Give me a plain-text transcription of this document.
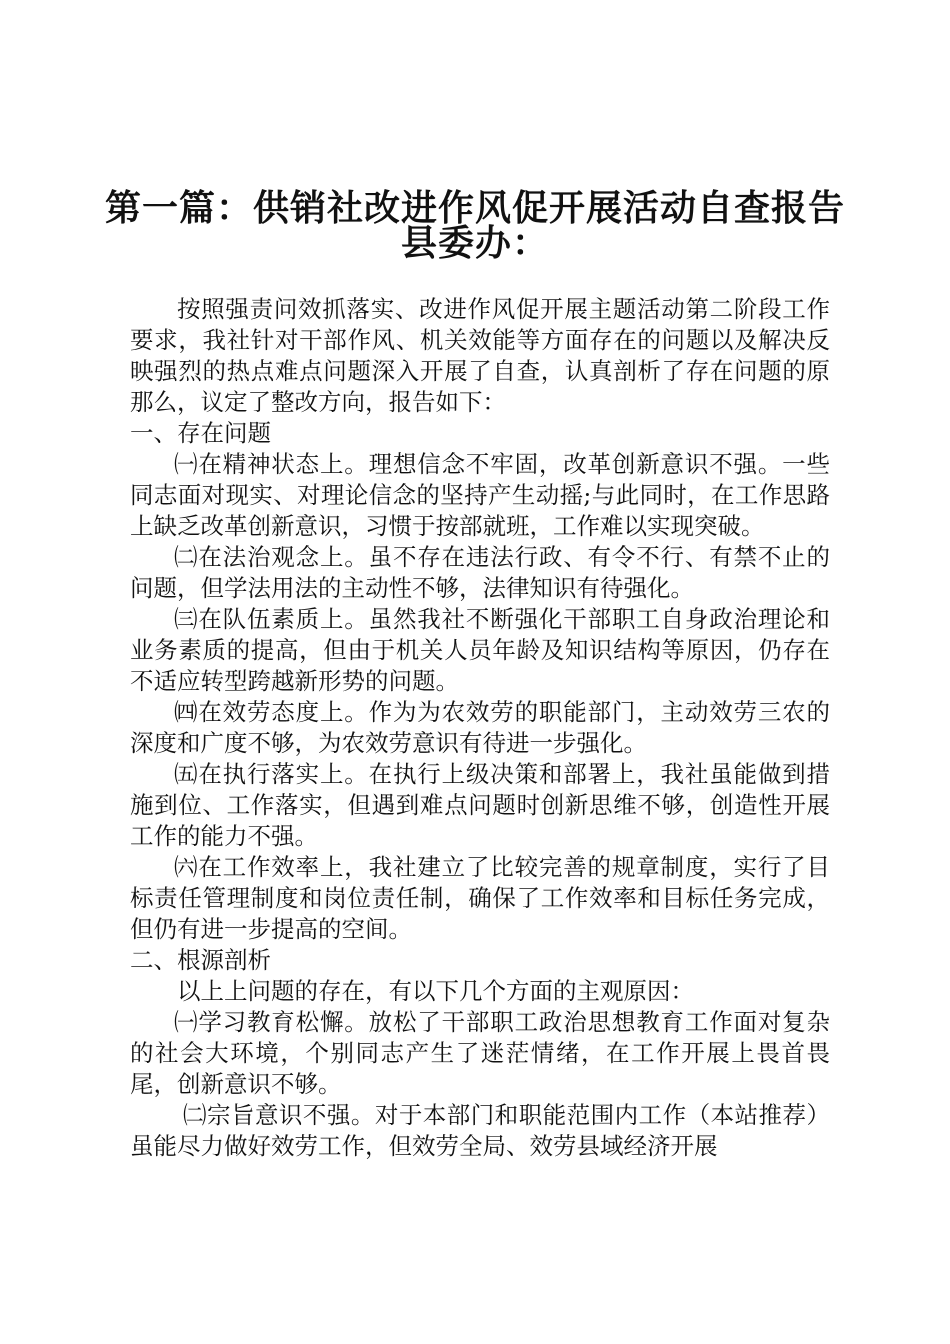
第一篇：供销社改进作风促开展活动自查报告
县委办：

按照强责问效抓落实、改进作风促开展主题活动第二阶段工作要求，我社针对干部作风、机关效能等方面存在的问题以及解决反映强烈的热点难点问题深入开展了自查，认真剖析了存在问题的原那么，议定了整改方向，报告如下：

一、存在问题

㈠在精神状态上。理想信念不牢固，改革创新意识不强。一些同志面对现实、对理论信念的坚持产生动摇;与此同时，在工作思路上缺乏改革创新意识，习惯于按部就班，工作难以实现突破。

㈡在法治观念上。虽不存在违法行政、有令不行、有禁不止的问题，但学法用法的主动性不够，法律知识有待强化。

㈢在队伍素质上。虽然我社不断强化干部职工自身政治理论和业务素质的提高，但由于机关人员年龄及知识结构等原因，仍存在不适应转型跨越新形势的问题。

㈣在效劳态度上。作为为农效劳的职能部门，主动效劳三农的深度和广度不够，为农效劳意识有待进一步强化。

㈤在执行落实上。在执行上级决策和部署上，我社虽能做到措施到位、工作落实，但遇到难点问题时创新思维不够，创造性开展工作的能力不强。

㈥在工作效率上，我社建立了比较完善的规章制度，实行了目标责任管理制度和岗位责任制，确保了工作效率和目标任务完成，但仍有进一步提高的空间。

二、根源剖析

以上上问题的存在，有以下几个方面的主观原因：

㈠学习教育松懈。放松了干部职工政治思想教育工作面对复杂的社会大环境，个别同志产生了迷茫情绪，在工作开展上畏首畏尾，创新意识不够。

㈡宗旨意识不强。对于本部门和职能范围内工作（本站推荐）虽能尽力做好效劳工作，但效劳全局、效劳县域经济开展
